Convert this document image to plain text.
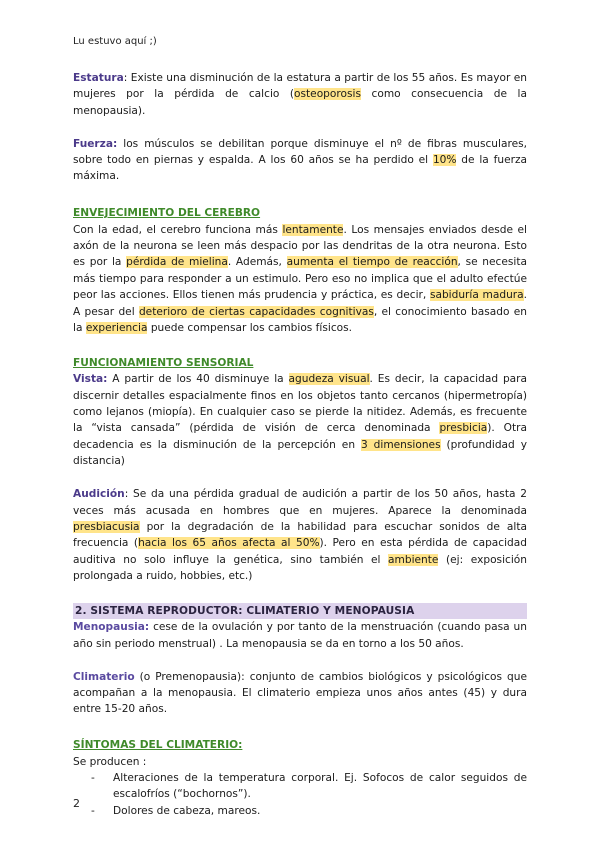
Lu estuvo aquí ;)

Estatura: Existe una disminución de la estatura a partir de los 55 años. Es mayor en mujeres por la pérdida de calcio (osteoporosis como consecuencia de la menopausia).

Fuerza: los músculos se debilitan porque disminuye el nº de fibras musculares, sobre todo en piernas y espalda. A los 60 años se ha perdido el 10% de la fuerza máxima.

ENVEJECIMIENTO DEL CEREBRO

Con la edad, el cerebro funciona más lentamente. Los mensajes enviados desde el axón de la neurona se leen más despacio por las dendritas de la otra neurona. Esto es por la pérdida de mielina. Además, aumenta el tiempo de reacción, se necesita más tiempo para responder a un estimulo. Pero eso no implica que el adulto efectúe peor las acciones. Ellos tienen más prudencia y práctica, es decir, sabiduría madura. A pesar del deterioro de ciertas capacidades cognitivas, el conocimiento basado en la experiencia puede compensar los cambios físicos.

FUNCIONAMIENTO SENSORIAL

Vista: A partir de los 40 disminuye la agudeza visual. Es decir, la capacidad para discernir detalles espacialmente finos en los objetos tanto cercanos (hipermetropía) como lejanos (miopía). En cualquier caso se pierde la nitidez. Además, es frecuente la “vista cansada” (pérdida de visión de cerca denominada presbicia). Otra decadencia es la disminución de la percepción en 3 dimensiones (profundidad y distancia)

Audición: Se da una pérdida gradual de audición a partir de los 50 años, hasta 2 veces más acusada en hombres que en mujeres. Aparece la denominada presbiacusia por la degradación de la habilidad para escuchar sonidos de alta frecuencia (hacia los 65 años afecta al 50%). Pero en esta pérdida de capacidad auditiva no solo influye la genética, sino también el ambiente (ej: exposición prolongada a ruido, hobbies, etc.)

2. SISTEMA REPRODUCTOR: CLIMATERIO Y MENOPAUSIA

Menopausia: cese de la ovulación y por tanto de la menstruación (cuando pasa un año sin periodo menstrual) . La menopausia se da en torno a los 50 años.

Climaterio (o Premenopausia): conjunto de cambios biológicos y psicológicos que acompañan a la menopausia. El climaterio empieza unos años antes (45) y dura entre 15-20 años.

SÍNTOMAS DEL CLIMATERIO:

Se producen :

- Alteraciones de la temperatura corporal. Ej. Sofocos de calor seguidos de escalofríos (“bochornos”).
- Dolores de cabeza, mareos.
2
